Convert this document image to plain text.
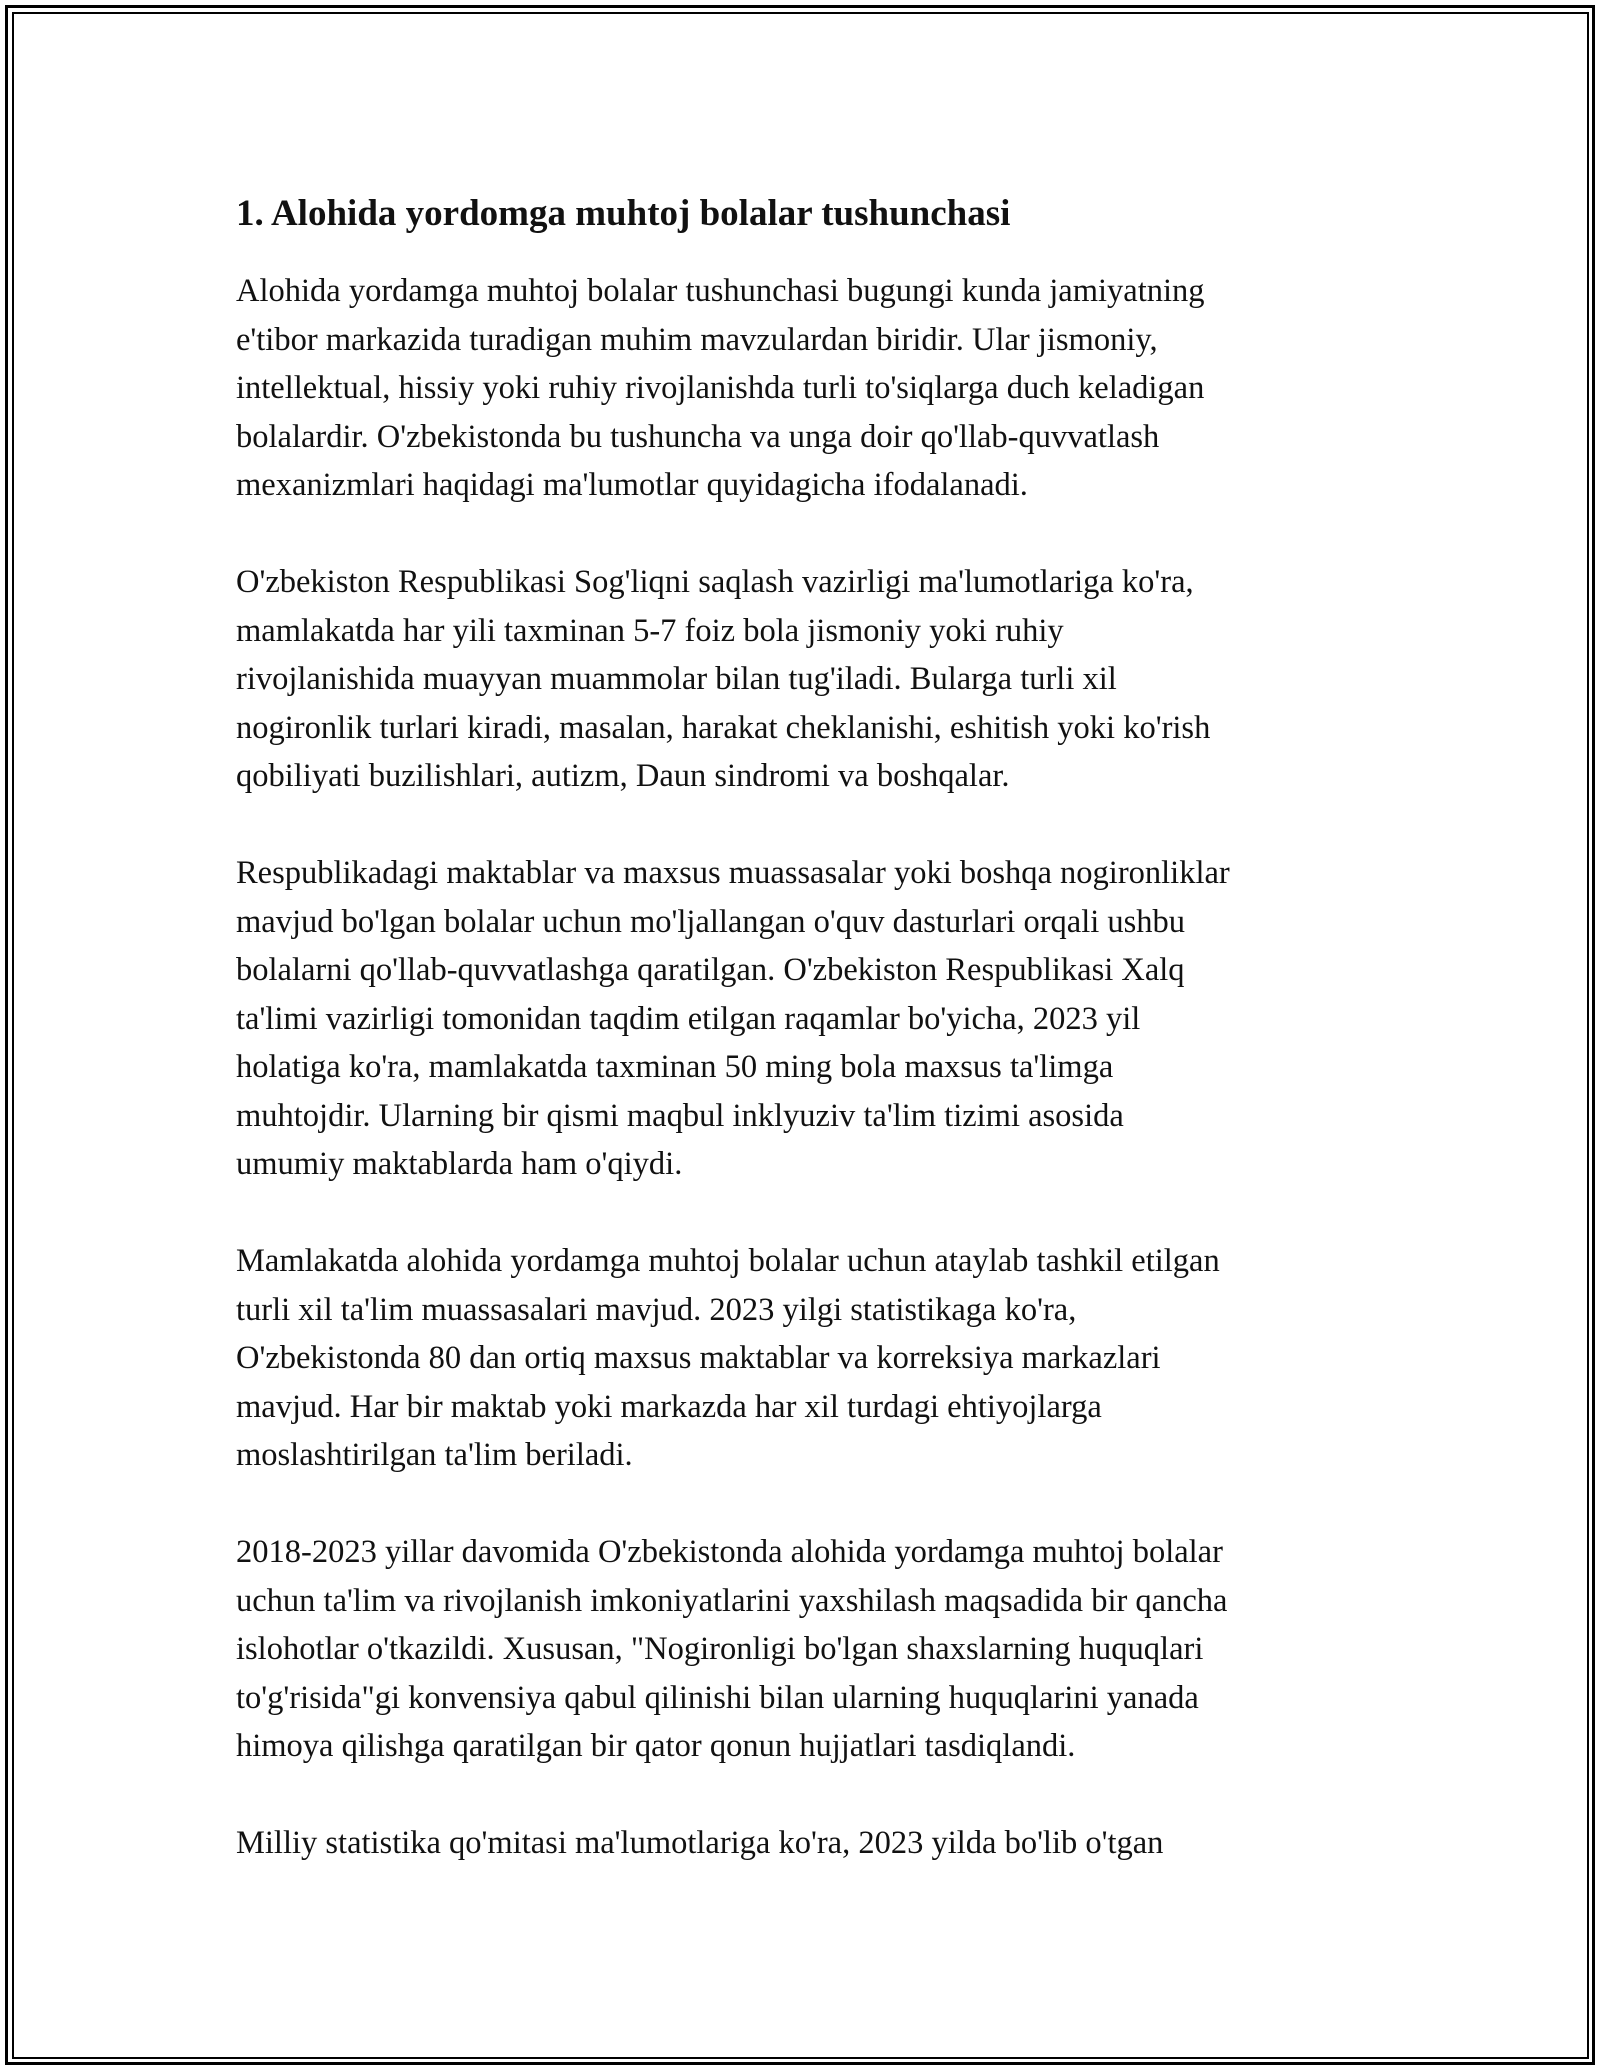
1. Alohida yordomga muhtoj bolalar tushunchasi
Alohida yordamga muhtoj bolalar tushunchasi bugungi kunda jamiyatning
e'tibor markazida turadigan muhim mavzulardan biridir. Ular jismoniy,
intellektual, hissiy yoki ruhiy rivojlanishda turli to'siqlarga duch keladigan
bolalardir. O'zbekistonda bu tushuncha va unga doir qo'llab-quvvatlash
mexanizmlari haqidagi ma'lumotlar quyidagicha ifodalanadi.
O'zbekiston Respublikasi Sog'liqni saqlash vazirligi ma'lumotlariga ko'ra,
mamlakatda har yili taxminan 5-7 foiz bola jismoniy yoki ruhiy
rivojlanishida muayyan muammolar bilan tug'iladi. Bularga turli xil
nogironlik turlari kiradi, masalan, harakat cheklanishi, eshitish yoki ko'rish
qobiliyati buzilishlari, autizm, Daun sindromi va boshqalar.
Respublikadagi maktablar va maxsus muassasalar yoki boshqa nogironliklar
mavjud bo'lgan bolalar uchun mo'ljallangan o'quv dasturlari orqali ushbu
bolalarni qo'llab-quvvatlashga qaratilgan. O'zbekiston Respublikasi Xalq
ta'limi vazirligi tomonidan taqdim etilgan raqamlar bo'yicha, 2023 yil
holatiga ko'ra, mamlakatda taxminan 50 ming bola maxsus ta'limga
muhtojdir. Ularning bir qismi maqbul inklyuziv ta'lim tizimi asosida
umumiy maktablarda ham o'qiydi.
Mamlakatda alohida yordamga muhtoj bolalar uchun ataylab tashkil etilgan
turli xil ta'lim muassasalari mavjud. 2023 yilgi statistikaga ko'ra,
O'zbekistonda 80 dan ortiq maxsus maktablar va korreksiya markazlari
mavjud. Har bir maktab yoki markazda har xil turdagi ehtiyojlarga
moslashtirilgan ta'lim beriladi.
2018-2023 yillar davomida O'zbekistonda alohida yordamga muhtoj bolalar
uchun ta'lim va rivojlanish imkoniyatlarini yaxshilash maqsadida bir qancha
islohotlar o'tkazildi. Xususan, "Nogironligi bo'lgan shaxslarning huquqlari
to'g'risida"gi konvensiya qabul qilinishi bilan ularning huquqlarini yanada
himoya qilishga qaratilgan bir qator qonun hujjatlari tasdiqlandi.
Milliy statistika qo'mitasi ma'lumotlariga ko'ra, 2023 yilda bo'lib o'tgan
